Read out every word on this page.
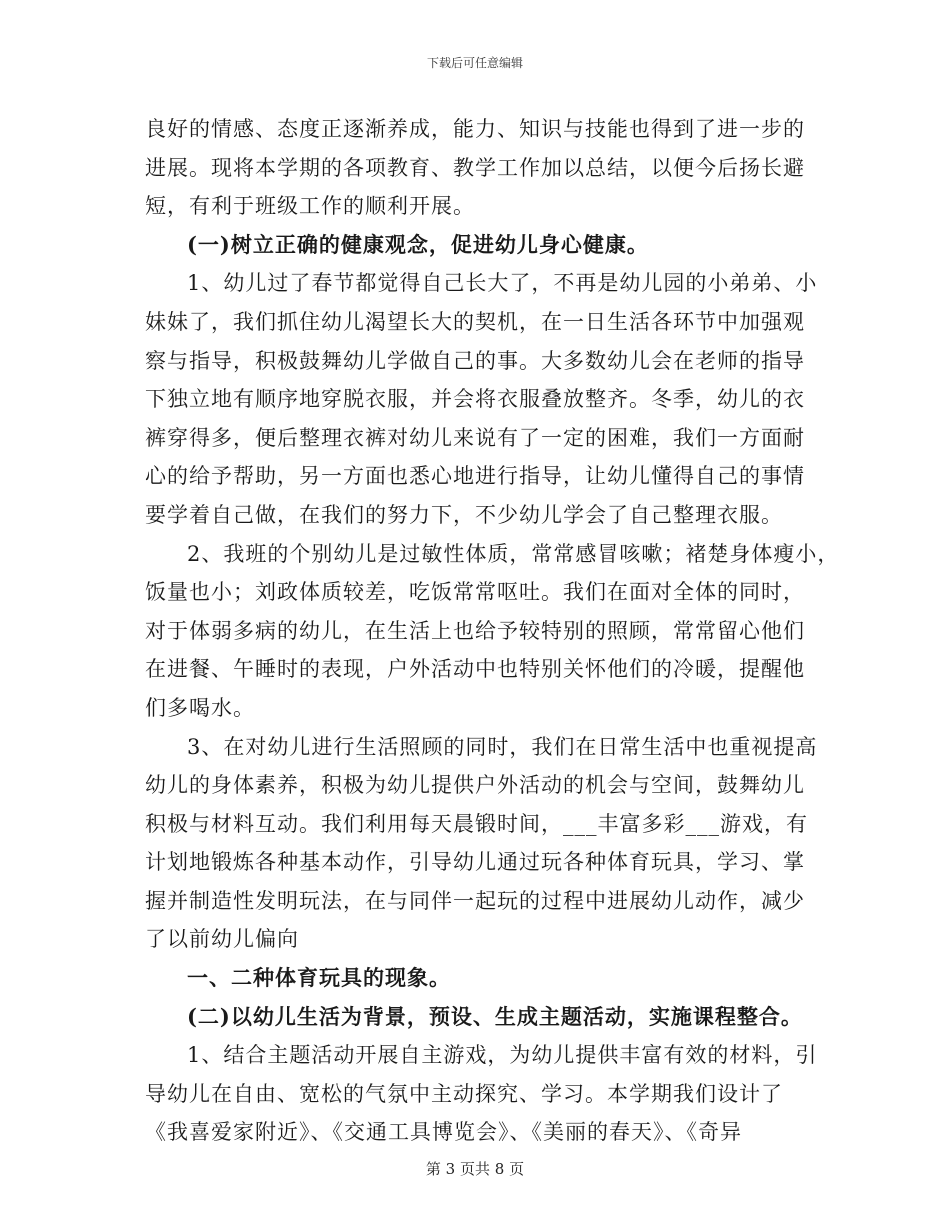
下载后可任意编辑
良好的情感、态度正逐渐养成，能力、知识与技能也得到了进一步的
进展。现将本学期的各项教育、教学工作加以总结，以便今后扬长避
短，有利于班级工作的顺利开展。
(一)树立正确的健康观念，促进幼儿身心健康。
1、幼儿过了春节都觉得自己长大了，不再是幼儿园的小弟弟、小
妹妹了，我们抓住幼儿渴望长大的契机，在一日生活各环节中加强观
察与指导，积极鼓舞幼儿学做自己的事。大多数幼儿会在老师的指导
下独立地有顺序地穿脱衣服，并会将衣服叠放整齐。冬季，幼儿的衣
裤穿得多，便后整理衣裤对幼儿来说有了一定的困难，我们一方面耐
心的给予帮助，另一方面也悉心地进行指导，让幼儿懂得自己的事情
要学着自己做，在我们的努力下，不少幼儿学会了自己整理衣服。
2、我班的个别幼儿是过敏性体质，常常感冒咳嗽；褚楚身体瘦小，
饭量也小；刘政体质较差，吃饭常常呕吐。我们在面对全体的同时，
对于体弱多病的幼儿，在生活上也给予较特别的照顾，常常留心他们
在进餐、午睡时的表现，户外活动中也特别关怀他们的冷暖，提醒他
们多喝水。
3、在对幼儿进行生活照顾的同时，我们在日常生活中也重视提高
幼儿的身体素养，积极为幼儿提供户外活动的机会与空间，鼓舞幼儿
积极与材料互动。我们利用每天晨锻时间，___丰富多彩___游戏，有
计划地锻炼各种基本动作，引导幼儿通过玩各种体育玩具，学习、掌
握并制造性发明玩法，在与同伴一起玩的过程中进展幼儿动作，减少
了以前幼儿偏向
一、二种体育玩具的现象。
(二)以幼儿生活为背景，预设、生成主题活动，实施课程整合。
1、结合主题活动开展自主游戏，为幼儿提供丰富有效的材料，引
导幼儿在自由、宽松的气氛中主动探究、学习。本学期我们设计了
《我喜爱家附近》、《交通工具博览会》、《美丽的春天》、《奇异
第 3 页共 8 页
